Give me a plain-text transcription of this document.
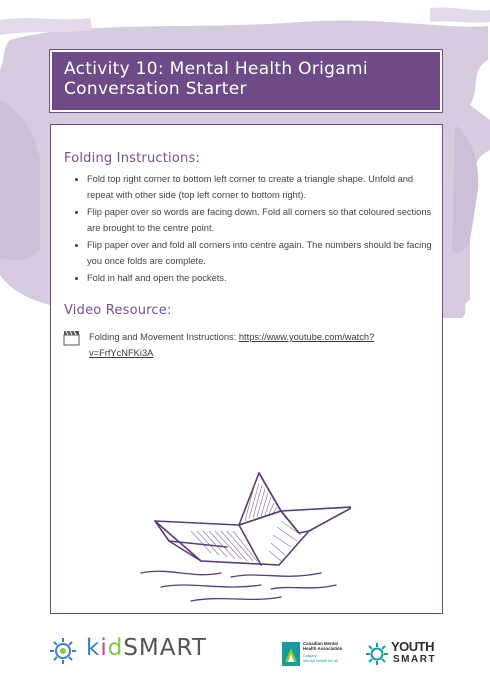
Activity 10: Mental Health Origami
Conversation Starter
Folding Instructions:
• Fold top right corner to bottom left corner to create a triangle shape. Unfold and repeat with other side (top left corner to bottom right).
• Flip paper over so words are facing down. Fold all corners so that coloured sections are brought to the centre point.
• Flip paper over and fold all corners into centre again. The numbers should be facing you once folds are complete.
• Fold in half and open the pockets.
Video Resource:
Folding and Movement Instructions: https://www.youtube.com/watch?
v=FrfYcNFKi3A
kidSMART	Canadian Mental
Health Association
Calgary
Mental health for all
YOUTH
SMART
